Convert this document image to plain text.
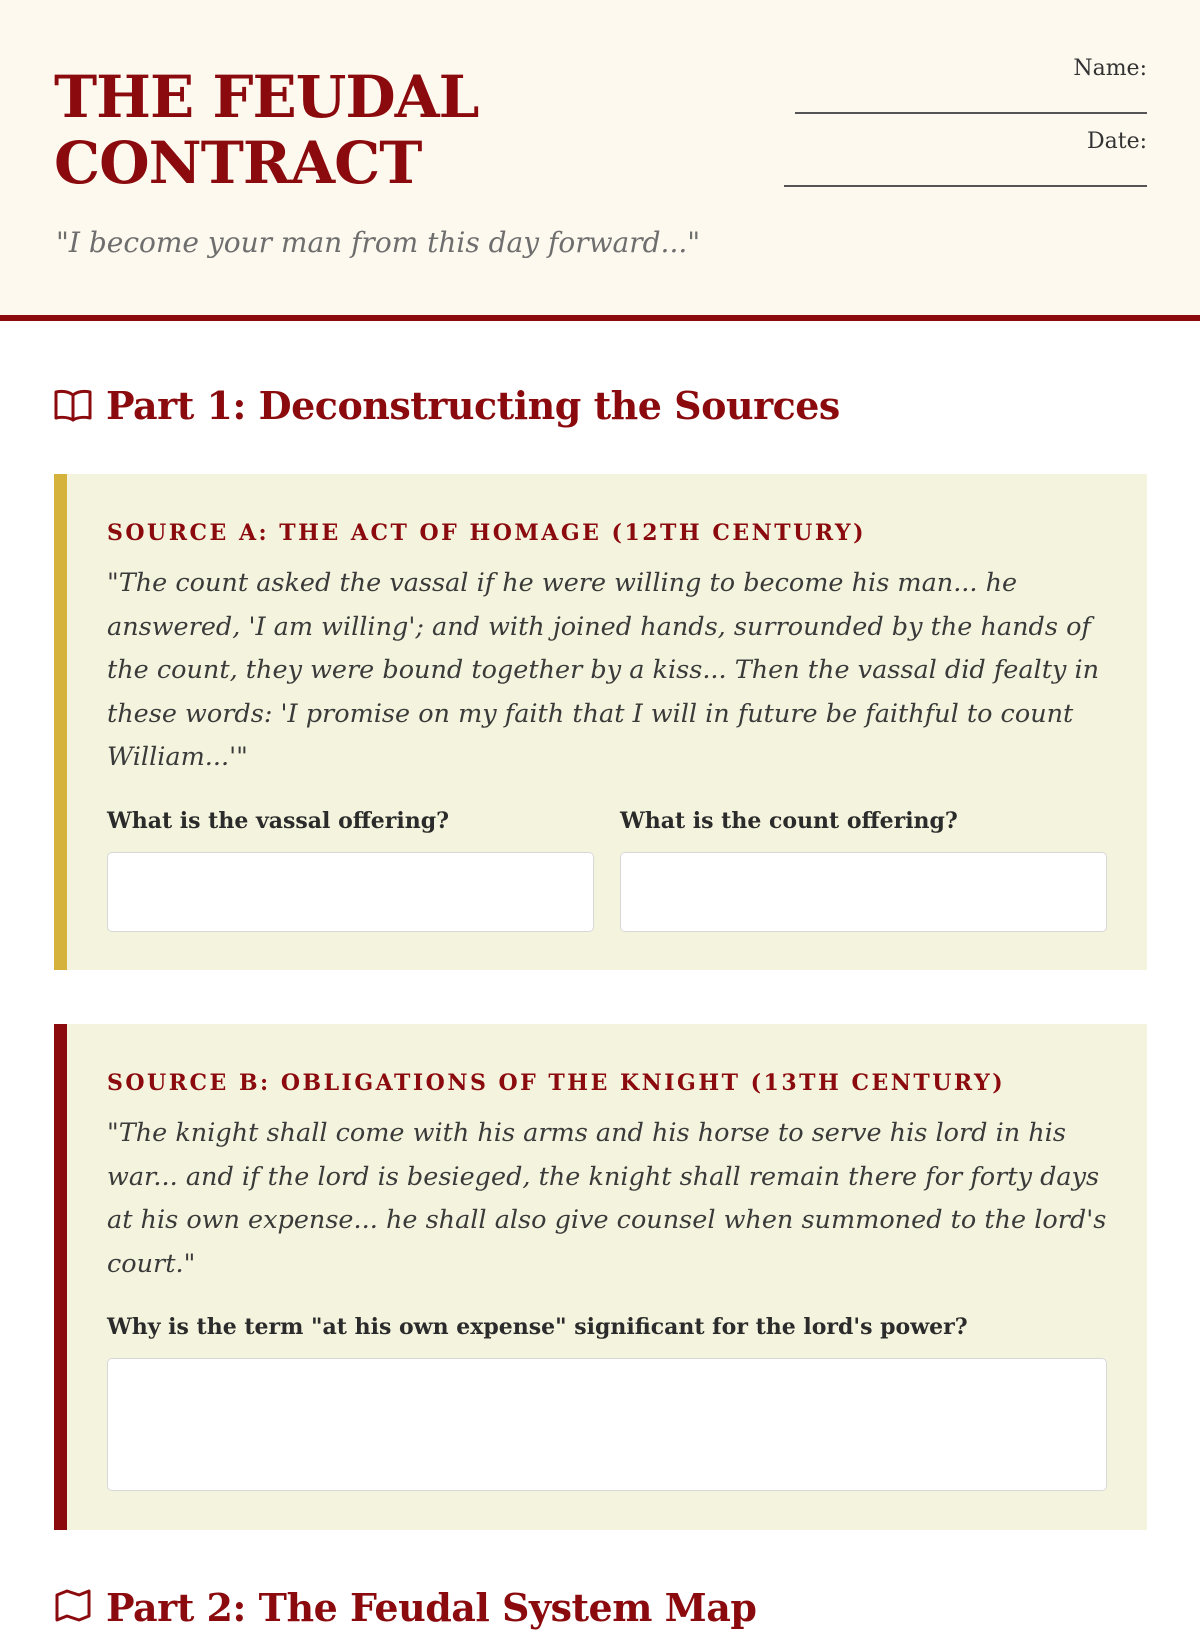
THE FEUDAL
CONTRACT
"I become your man from this day forward..."
Name:
Date:
Part 1: Deconstructing the Sources
SOURCE A: THE ACT OF HOMAGE (12TH CENTURY)
"The count asked the vassal if he were willing to become his man... he answered, 'I am willing'; and with joined hands, surrounded by the hands of the count, they were bound together by a kiss... Then the vassal did fealty in these words: 'I promise on my faith that I will in future be faithful to count William...'"
What is the vassal offering?	What is the count offering?
SOURCE B: OBLIGATIONS OF THE KNIGHT (13TH CENTURY)
"The knight shall come with his arms and his horse to serve his lord in his war... and if the lord is besieged, the knight shall remain there for forty days at his own expense... he shall also give counsel when summoned to the lord's court."
Why is the term "at his own expense" significant for the lord's power?
Part 2: The Feudal System Map
